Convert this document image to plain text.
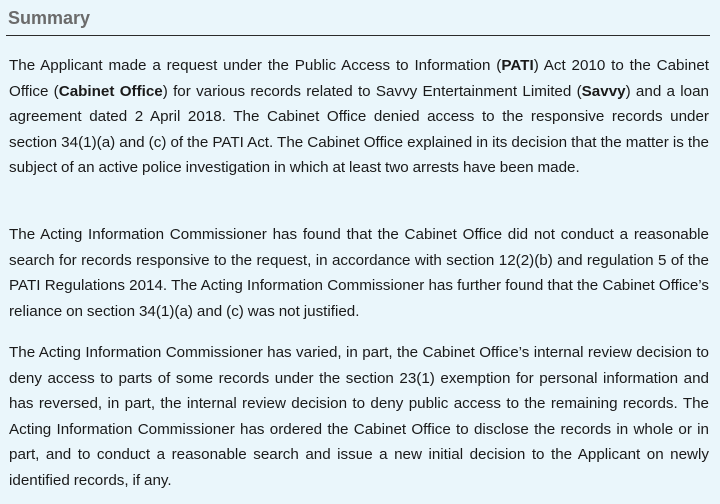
Summary

The Applicant made a request under the Public Access to Information (PATI) Act 2010 to the Cabinet Office (Cabinet Office) for various records related to Savvy Entertainment Limited (Savvy) and a loan agreement dated 2 April 2018. The Cabinet Office denied access to the responsive records under section 34(1)(a) and (c) of the PATI Act. The Cabinet Office explained in its decision that the matter is the subject of an active police investigation in which at least two arrests have been made.

The Acting Information Commissioner has found that the Cabinet Office did not conduct a reasonable search for records responsive to the request, in accordance with section 12(2)(b) and regulation 5 of the PATI Regulations 2014. The Acting Information Commissioner has further found that the Cabinet Office’s reliance on section 34(1)(a) and (c) was not justified.

The Acting Information Commissioner has varied, in part, the Cabinet Office’s internal review decision to deny access to parts of some records under the section 23(1) exemption for personal information and has reversed, in part, the internal review decision to deny public access to the remaining records. The Acting Information Commissioner has ordered the Cabinet Office to disclose the records in whole or in part, and to conduct a reasonable search and issue a new initial decision to the Applicant on newly identified records, if any.
